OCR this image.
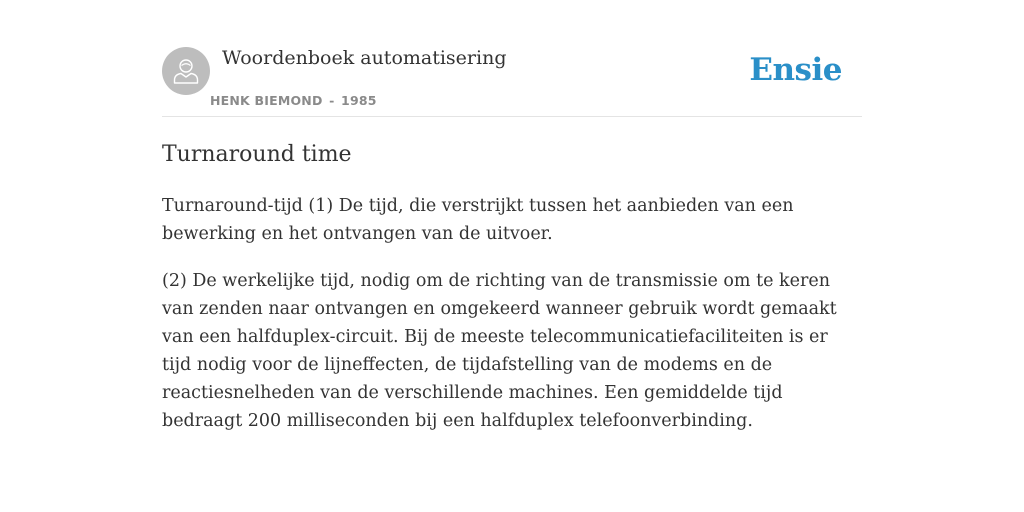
Woordenboek automatisering
HENK BIEMOND - 1985
Ensie
Turnaround time

Turnaround-tijd (1) De tijd, die verstrijkt tussen het aanbieden van een bewerking en het ontvangen van de uitvoer.

(2) De werkelijke tijd, nodig om de richting van de transmissie om te keren van zenden naar ontvangen en omgekeerd wanneer gebruik wordt gemaakt van een halfduplex-circuit. Bij de meeste telecommunicatiefaciliteiten is er tijd nodig voor de lijneffecten, de tijdafstelling van de modems en de reactiesnelheden van de verschillende machines. Een gemiddelde tijd bedraagt 200 milliseconden bij een halfduplex telefoonverbinding.
